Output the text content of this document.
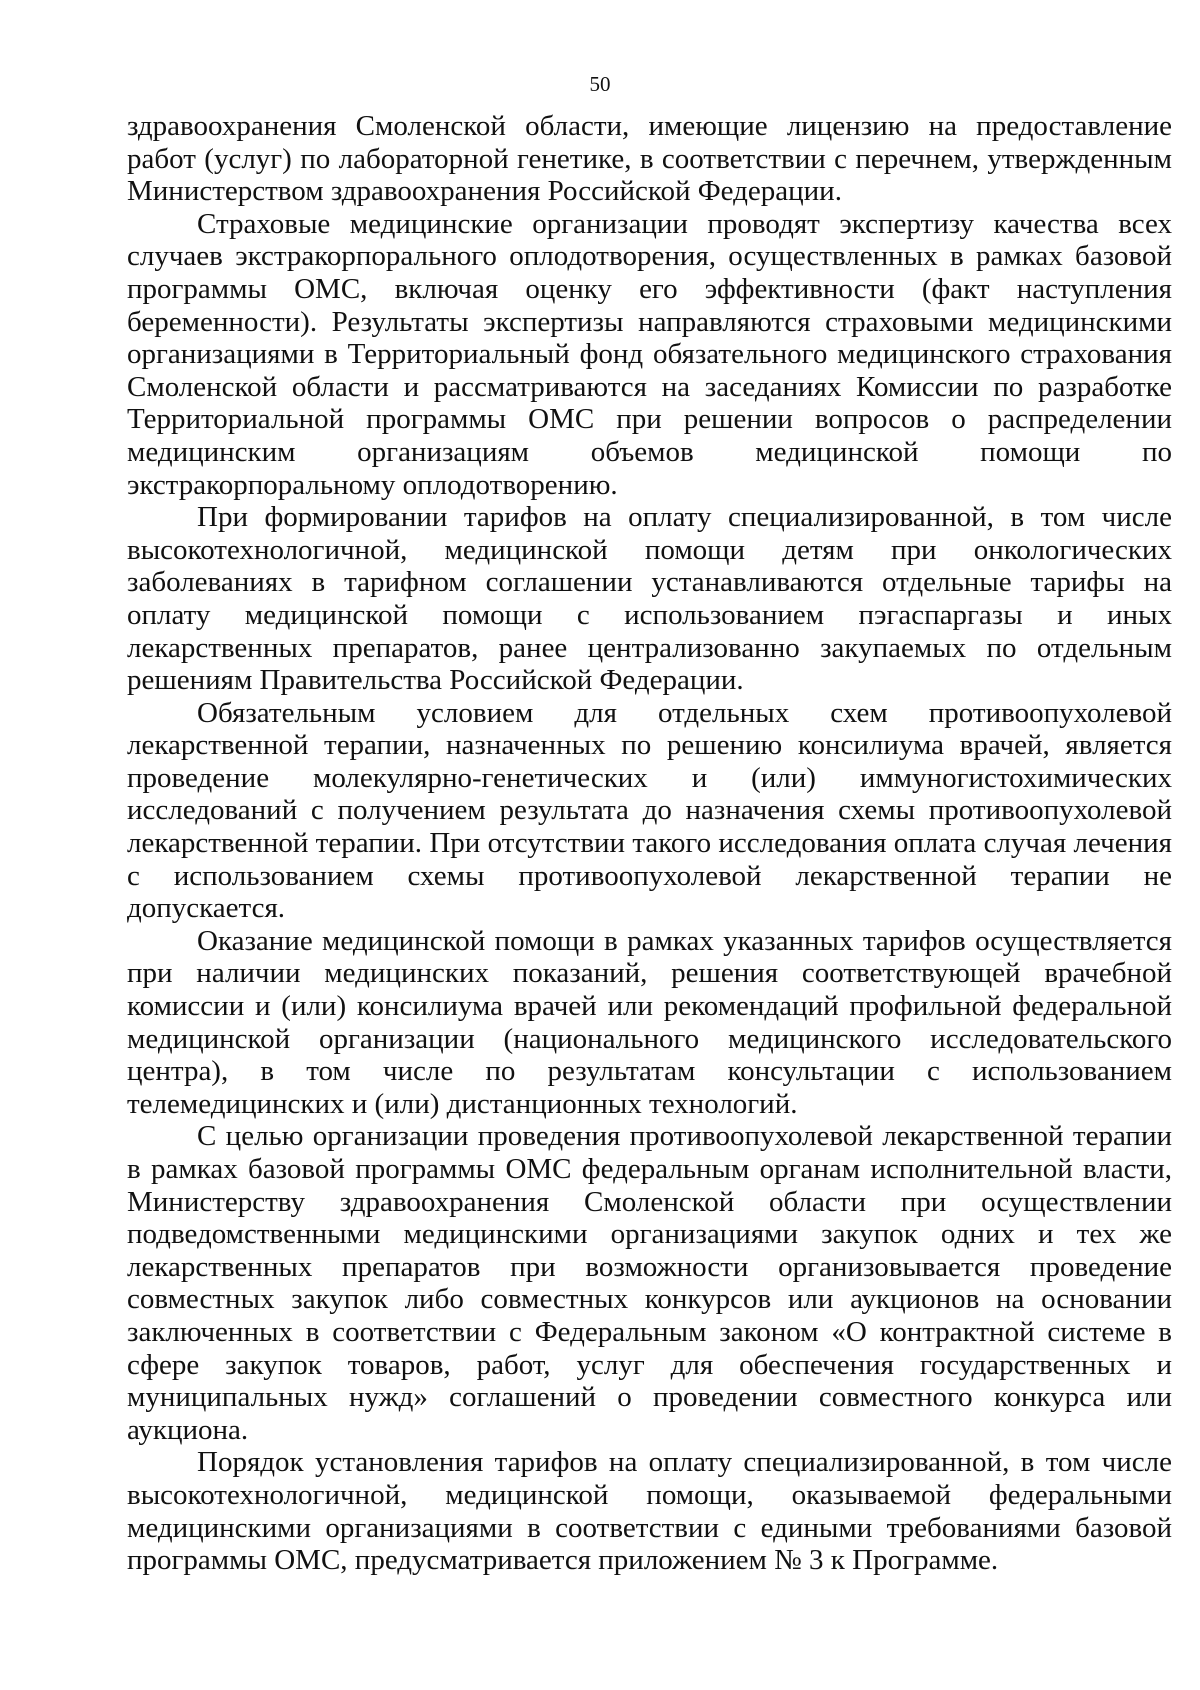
50

здравоохранения Смоленской области, имеющие лицензию на предоставление работ (услуг) по лабораторной генетике, в соответствии с перечнем, утвержденным Министерством здравоохранения Российской Федерации.

Страховые медицинские организации проводят экспертизу качества всех случаев экстракорпорального оплодотворения, осуществленных в рамках базовой программы ОМС, включая оценку его эффективности (факт наступления беременности). Результаты экспертизы направляются страховыми медицинскими организациями в Территориальный фонд обязательного медицинского страхования Смоленской области и рассматриваются на заседаниях Комиссии по разработке Территориальной программы ОМС при решении вопросов о распределении медицинским организациям объемов медицинской помощи по экстракорпоральному оплодотворению.

При формировании тарифов на оплату специализированной, в том числе высокотехнологичной, медицинской помощи детям при онкологических заболеваниях в тарифном соглашении устанавливаются отдельные тарифы на оплату медицинской помощи с использованием пэгаспаргазы и иных лекарственных препаратов, ранее централизованно закупаемых по отдельным решениям Правительства Российской Федерации.

Обязательным условием для отдельных схем противоопухолевой лекарственной терапии, назначенных по решению консилиума врачей, является проведение молекулярно-генетических и (или) иммуногистохимических исследований с получением результата до назначения схемы противоопухолевой лекарственной терапии. При отсутствии такого исследования оплата случая лечения с использованием схемы противоопухолевой лекарственной терапии не допускается.

Оказание медицинской помощи в рамках указанных тарифов осуществляется при наличии медицинских показаний, решения соответствующей врачебной комиссии и (или) консилиума врачей или рекомендаций профильной федеральной медицинской организации (национального медицинского исследовательского центра), в том числе по результатам консультации с использованием телемедицинских и (или) дистанционных технологий.

С целью организации проведения противоопухолевой лекарственной терапии в рамках базовой программы ОМС федеральным органам исполнительной власти, Министерству здравоохранения Смоленской области при осуществлении подведомственными медицинскими организациями закупок одних и тех же лекарственных препаратов при возможности организовывается проведение совместных закупок либо совместных конкурсов или аукционов на основании заключенных в соответствии с Федеральным законом «О контрактной системе в сфере закупок товаров, работ, услуг для обеспечения государственных и муниципальных нужд» соглашений о проведении совместного конкурса или аукциона.

Порядок установления тарифов на оплату специализированной, в том числе высокотехнологичной, медицинской помощи, оказываемой федеральными медицинскими организациями в соответствии с едиными требованиями базовой программы ОМС, предусматривается приложением № 3 к Программе.
